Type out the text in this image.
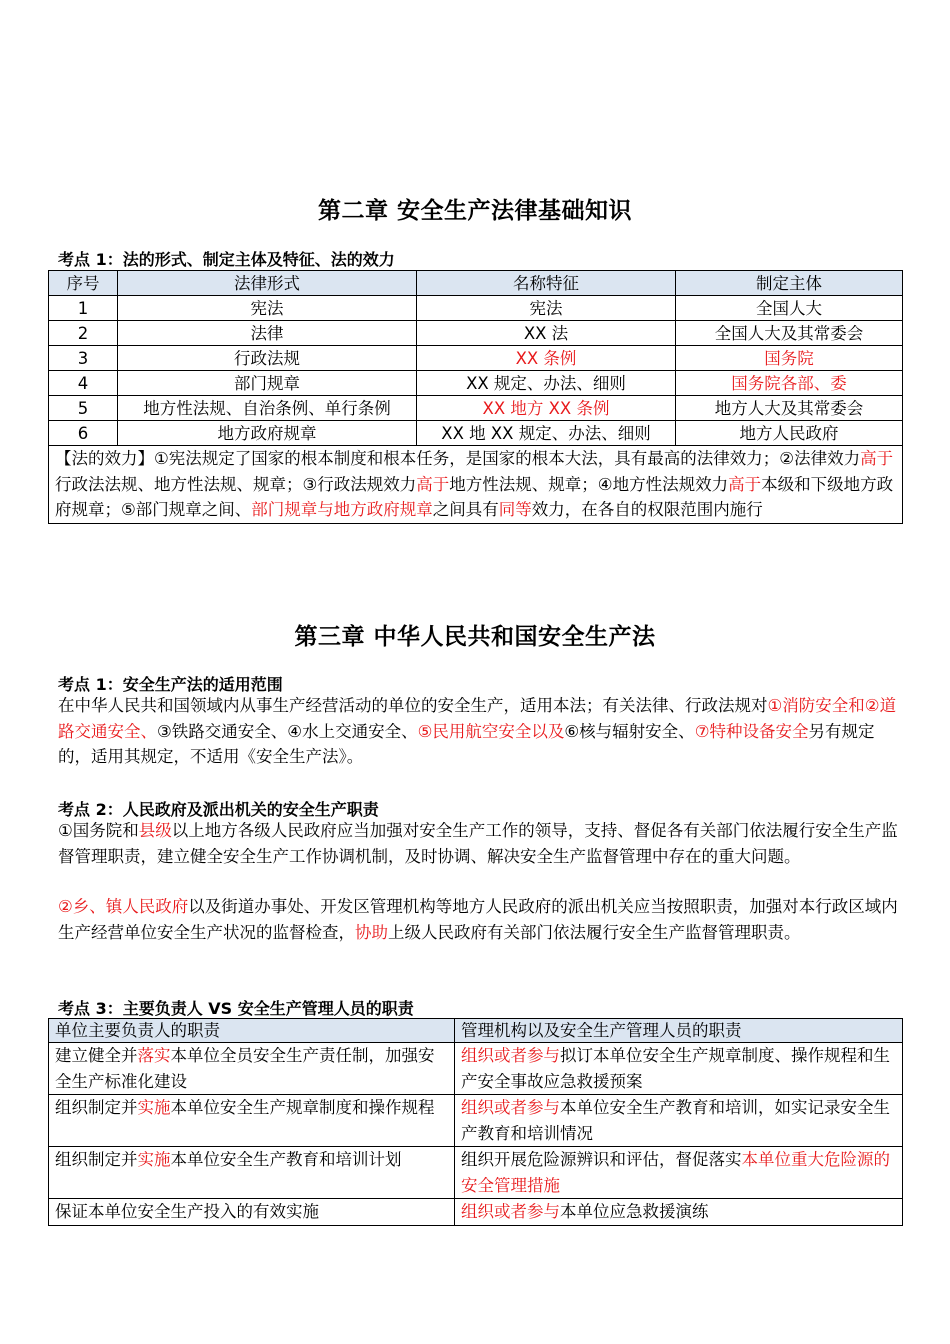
第二章 安全生产法律基础知识
考点 1：法的形式、制定主体及特征、法的效力
序号	法律形式	名称特征	制定主体
1	宪法	宪法	全国人大
2	法律	XX 法	全国人大及其常委会
3	行政法规	XX 条例	国务院
4	部门规章	XX 规定、办法、细则	国务院各部、委
5	地方性法规、自治条例、单行条例	XX 地方 XX 条例	地方人大及其常委会
6	地方政府规章	XX 地 XX 规定、办法、细则	地方人民政府
【法的效力】①宪法规定了国家的根本制度和根本任务，是国家的根本大法，具有最高的法律效力；②法律效力高于行政法法规、地方性法规、规章；③行政法规效力高于地方性法规、规章；④地方性法规效力高于本级和下级地方政府规章；⑤部门规章之间、部门规章与地方政府规章之间具有同等效力，在各自的权限范围内施行			
第三章 中华人民共和国安全生产法
考点 1：安全生产法的适用范围
在中华人民共和国领域内从事生产经营活动的单位的安全生产，适用本法；有关法律、行政法规对①消防安全和②道路交通安全、③铁路交通安全、④水上交通安全、⑤民用航空安全以及⑥核与辐射安全、⑦特种设备安全另有规定的，适用其规定，不适用《安全生产法》。
考点 2：人民政府及派出机关的安全生产职责
①国务院和县级以上地方各级人民政府应当加强对安全生产工作的领导，支持、督促各有关部门依法履行安全生产监督管理职责，建立健全安全生产工作协调机制，及时协调、解决安全生产监督管理中存在的重大问题。
②乡、镇人民政府以及街道办事处、开发区管理机构等地方人民政府的派出机关应当按照职责，加强对本行政区域内生产经营单位安全生产状况的监督检查，协助上级人民政府有关部门依法履行安全生产监督管理职责。
考点 3：主要负责人 VS 安全生产管理人员的职责
单位主要负责人的职责	管理机构以及安全生产管理人员的职责
建立健全并落实本单位全员安全生产责任制，加强安全生产标准化建设	组织或者参与拟订本单位安全生产规章制度、操作规程和生产安全事故应急救援预案
组织制定并实施本单位安全生产规章制度和操作规程	组织或者参与本单位安全生产教育和培训，如实记录安全生产教育和培训情况
组织制定并实施本单位安全生产教育和培训计划	组织开展危险源辨识和评估，督促落实本单位重大危险源的安全管理措施
保证本单位安全生产投入的有效实施	组织或者参与本单位应急救援演练
